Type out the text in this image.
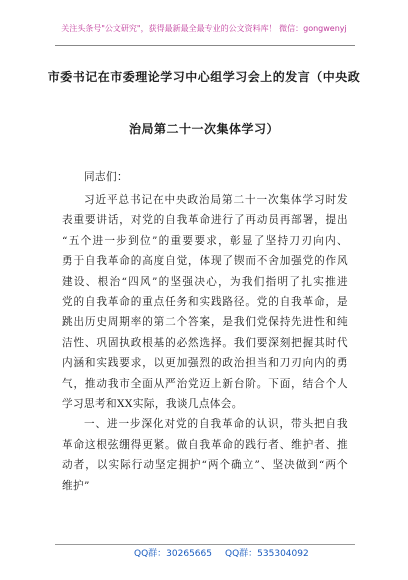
关注头条号"公文研究"，获得最新最全最专业的公文资料库！ 微信：gongwenyj
市委书记在市委理论学习中心组学习会上的发言（中央政
治局第二十一次集体学习）
同志们：
习近平总书记在中央政治局第二十一次集体学习时发
表重要讲话，对党的自我革命进行了再动员再部署，提出
“五个进一步到位”的重要要求，彰显了坚持刀刃向内、
勇于自我革命的高度自觉，体现了锲而不舍加强党的作风
建设、根治“四风”的坚强决心，为我们指明了扎实推进
党的自我革命的重点任务和实践路径。党的自我革命，是
跳出历史周期率的第二个答案，是我们党保持先进性和纯
洁性、巩固执政根基的必然选择。我们要深刻把握其时代
内涵和实践要求，以更加强烈的政治担当和刀刃向内的勇
气，推动我市全面从严治党迈上新台阶。下面，结合个人
学习思考和XX实际，我谈几点体会。
一、进一步深化对党的自我革命的认识，带头把自我
革命这根弦绷得更紧。做自我革命的践行者、维护者、推
动者，以实际行动坚定拥护“两个确立”、坚决做到“两个
维护”
QQ群：30265665 QQ群：535304092
